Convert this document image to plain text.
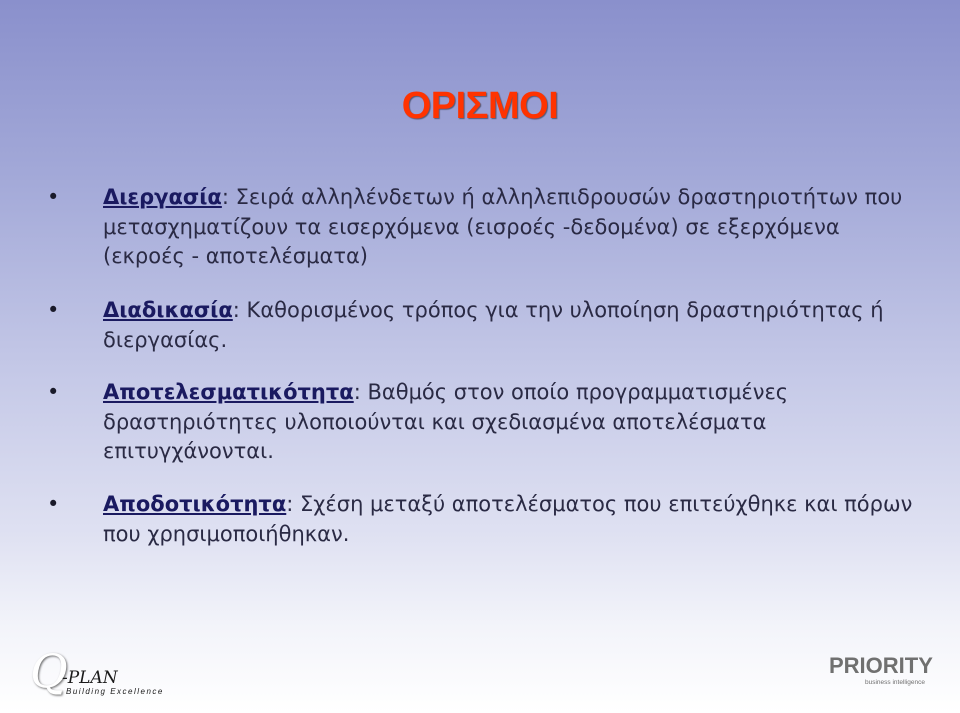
ΟΡΙΣΜΟΙ
• Διεργασία: Σειρά αλληλένδετων ή αλληλεπιδρουσών δραστηριοτήτων που μετασχηματίζουν τα εισερχόμενα (εισροές -δεδομένα) σε εξερχόμενα (εκροές - αποτελέσματα)
• Διαδικασία: Καθορισμένος τρόπος για την υλοποίηση δραστηριότητας ή διεργασίας.
• Αποτελεσματικότητα: Βαθμός στον οποίο προγραμματισμένες δραστηριότητες υλοποιούνται και σχεδιασμένα αποτελέσματα επιτυγχάνονται.
• Αποδοτικότητα: Σχέση μεταξύ αποτελέσματος που επιτεύχθηκε και πόρων που χρησιμοποιήθηκαν.
Q
-PLAN
Building Excellence
PRIORITY
business intelligence
